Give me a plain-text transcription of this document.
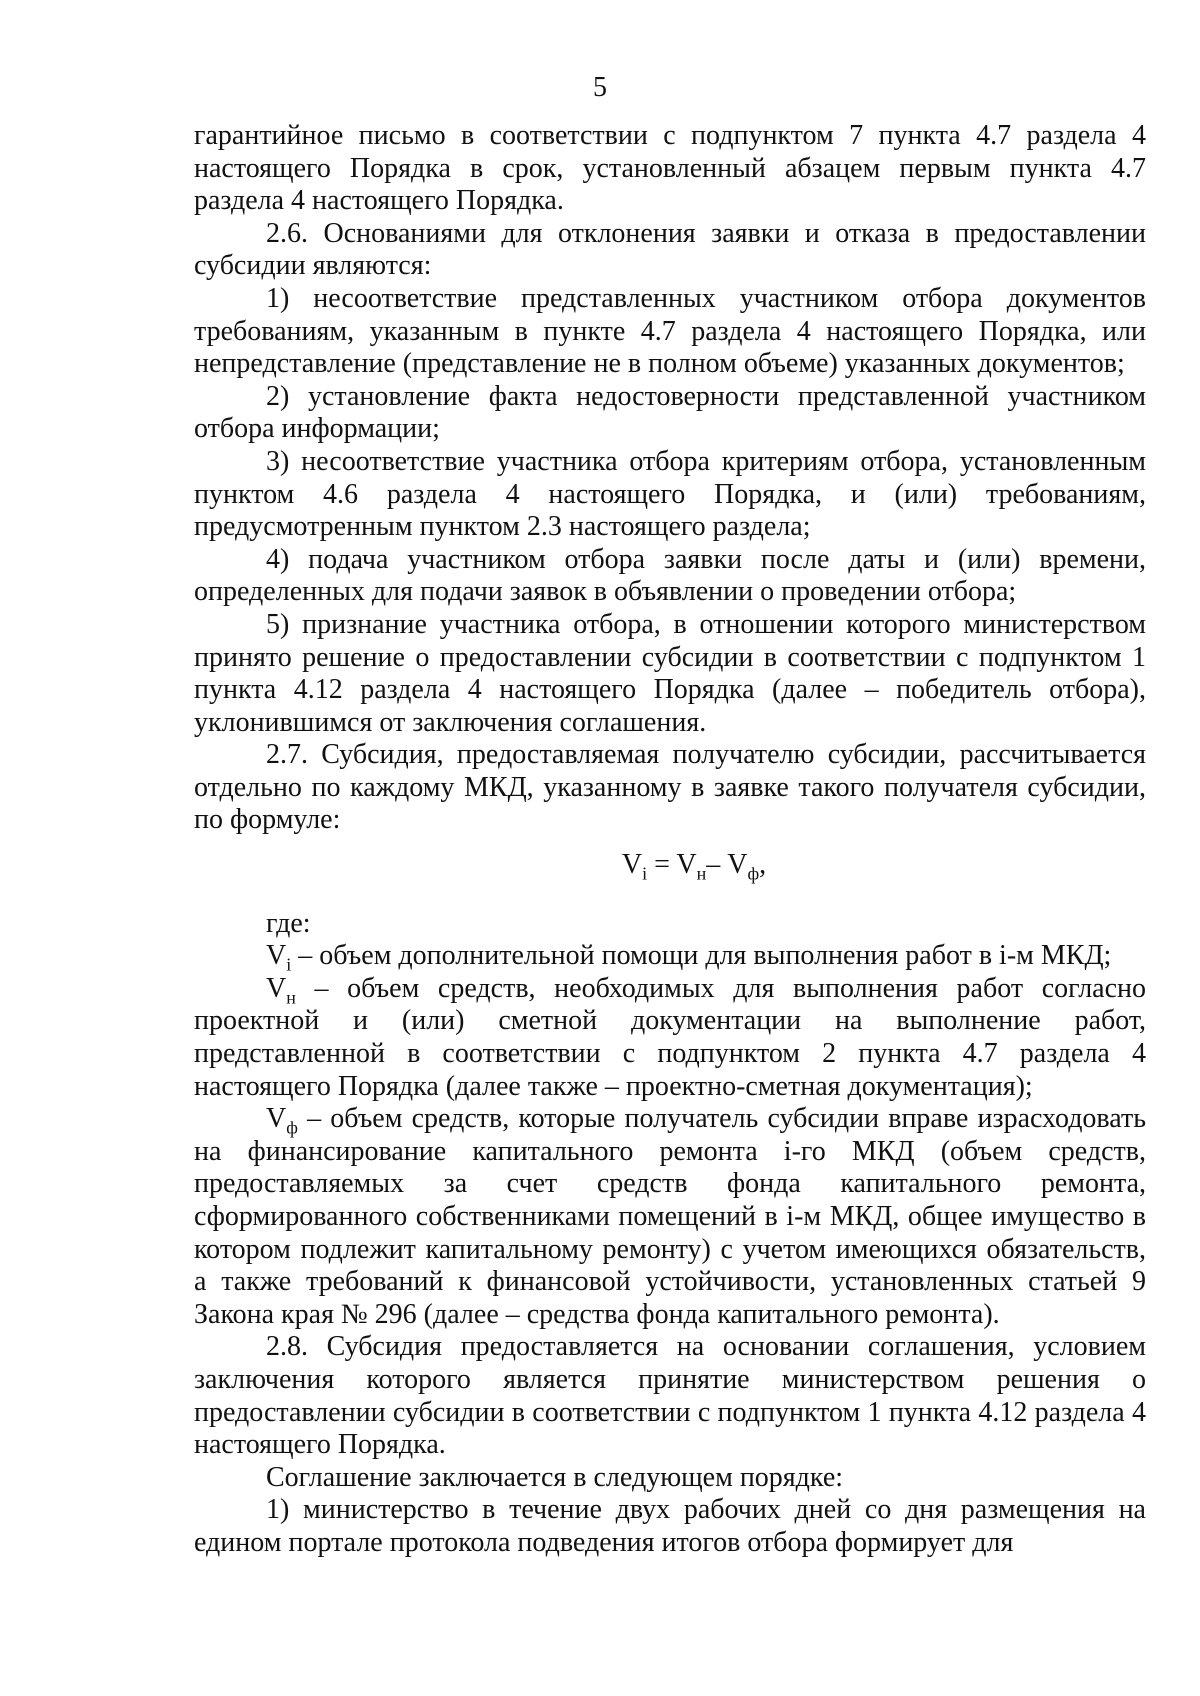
5

гарантийное письмо в соответствии с подпунктом 7 пункта 4.7 раздела 4 настоящего Порядка в срок, установленный абзацем первым пункта 4.7 раздела 4 настоящего Порядка.

2.6. Основаниями для отклонения заявки и отказа в предоставлении субсидии являются:

1) несоответствие представленных участником отбора документов требованиям, указанным в пункте 4.7 раздела 4 настоящего Порядка, или непредставление (представление не в полном объеме) указанных документов;

2) установление факта недостоверности представленной участником отбора информации;

3) несоответствие участника отбора критериям отбора, установленным пунктом 4.6 раздела 4 настоящего Порядка, и (или) требованиям, предусмотренным пунктом 2.3 настоящего раздела;

4) подача участником отбора заявки после даты и (или) времени, определенных для подачи заявок в объявлении о проведении отбора;

5) признание участника отбора, в отношении которого министерством принято решение о предоставлении субсидии в соответствии с подпунктом 1 пункта 4.12 раздела 4 настоящего Порядка (далее – победитель отбора), уклонившимся от заключения соглашения.

2.7. Субсидия, предоставляемая получателю субсидии, рассчитывается отдельно по каждому МКД, указанному в заявке такого получателя субсидии, по формуле:

$V_i = V_н-$ $V_ф$,

где:

$V_i$ – объем дополнительной помощи для выполнения работ в i-м МКД;

$V_н$ – объем средств, необходимых для выполнения работ согласно проектной и (или) сметной документации на выполнение работ, представленной в соответствии с подпунктом 2 пункта 4.7 раздела 4 настоящего Порядка (далее также – проектно-сметная документация);

$V_ф$ – объем средств, которые получатель субсидии вправе израсходовать на финансирование капитального ремонта i-го МКД (объем средств, предоставляемых за счет средств фонда капитального ремонта, сформированного собственниками помещений в i-м МКД, общее имущество в котором подлежит капитальному ремонту) с учетом имеющихся обязательств, а также требований к финансовой устойчивости, установленных статьей 9 Закона края № 296 (далее – средства фонда капитального ремонта).

2.8. Субсидия предоставляется на основании соглашения, условием заключения которого является принятие министерством решения о предоставлении субсидии в соответствии с подпунктом 1 пункта 4.12 раздела 4 настоящего Порядка.

Соглашение заключается в следующем порядке:

1) министерство в течение двух рабочих дней со дня размещения на едином портале протокола подведения итогов отбора формирует для
